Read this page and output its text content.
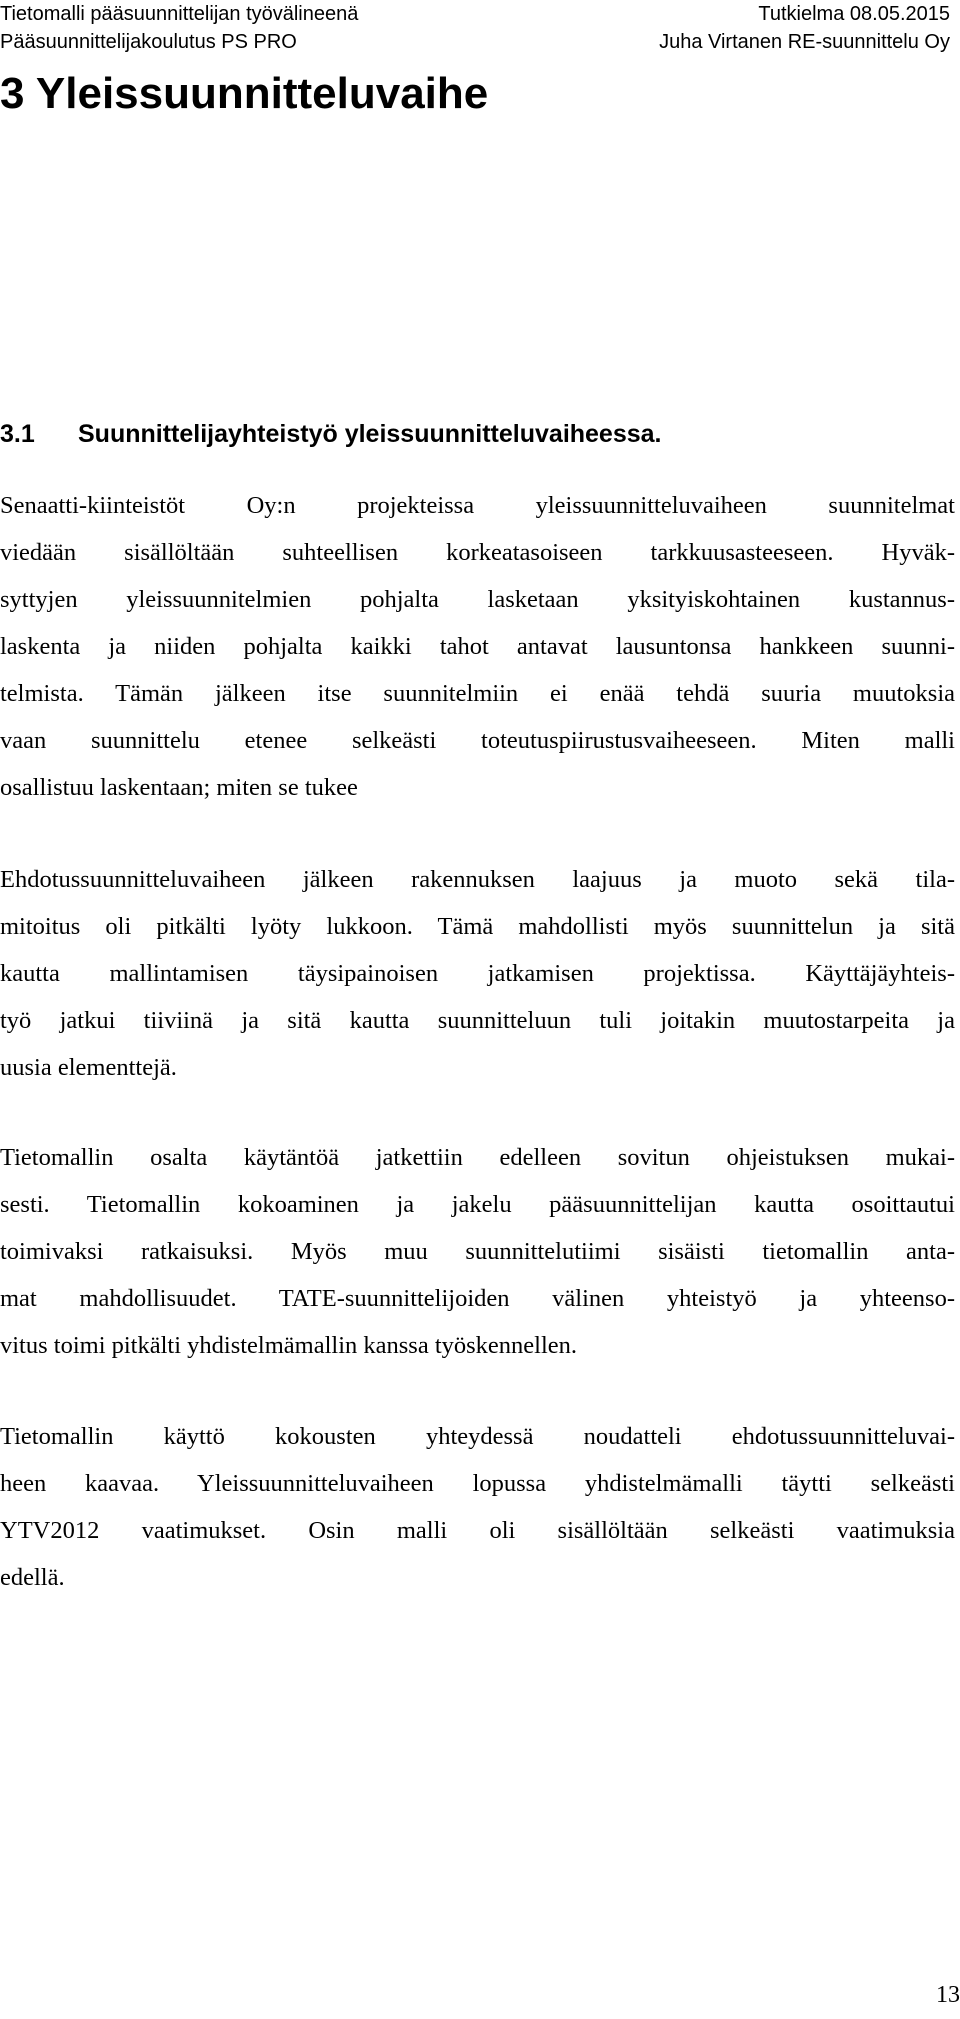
Tietomalli pääsuunnittelijan työvälineenä
Pääsuunnittelijakoulutus PS PRO
Tutkielma 08.05.2015
Juha Virtanen RE-suunnittelu Oy
3 Yleissuunnitteluvaihe
3.1 Suunnittelijayhteistyö yleissuunnitteluvaiheessa.
Senaatti-kiinteistöt Oy:n projekteissa yleissuunnitteluvaiheen suunnitelmat
viedään sisällöltään suhteellisen korkeatasoiseen tarkkuusasteeseen. Hyväk-
syttyjen yleissuunnitelmien pohjalta lasketaan yksityiskohtainen kustannus-
laskenta ja niiden pohjalta kaikki tahot antavat lausuntonsa hankkeen suunni-
telmista. Tämän jälkeen itse suunnitelmiin ei enää tehdä suuria muutoksia
vaan suunnittelu etenee selkeästi toteutuspiirustusvaiheeseen. Miten malli
osallistuu laskentaan; miten se tukee
Ehdotussuunnitteluvaiheen jälkeen rakennuksen laajuus ja muoto sekä tila-
mitoitus oli pitkälti lyöty lukkoon. Tämä mahdollisti myös suunnittelun ja sitä
kautta mallintamisen täysipainoisen jatkamisen projektissa. Käyttäjäyhteis-
työ jatkui tiiviinä ja sitä kautta suunnitteluun tuli joitakin muutostarpeita ja
uusia elementtejä.
Tietomallin osalta käytäntöä jatkettiin edelleen sovitun ohjeistuksen mukai-
sesti. Tietomallin kokoaminen ja jakelu pääsuunnittelijan kautta osoittautui
toimivaksi ratkaisuksi. Myös muu suunnittelutiimi sisäisti tietomallin anta-
mat mahdollisuudet. TATE-suunnittelijoiden välinen yhteistyö ja yhteenso-
vitus toimi pitkälti yhdistelmämallin kanssa työskennellen.
Tietomallin käyttö kokousten yhteydessä noudatteli ehdotussuunnitteluvai-
heen kaavaa. Yleissuunnitteluvaiheen lopussa yhdistelmämalli täytti selkeästi
YTV2012 vaatimukset. Osin malli oli sisällöltään selkeästi vaatimuksia
edellä.
13
